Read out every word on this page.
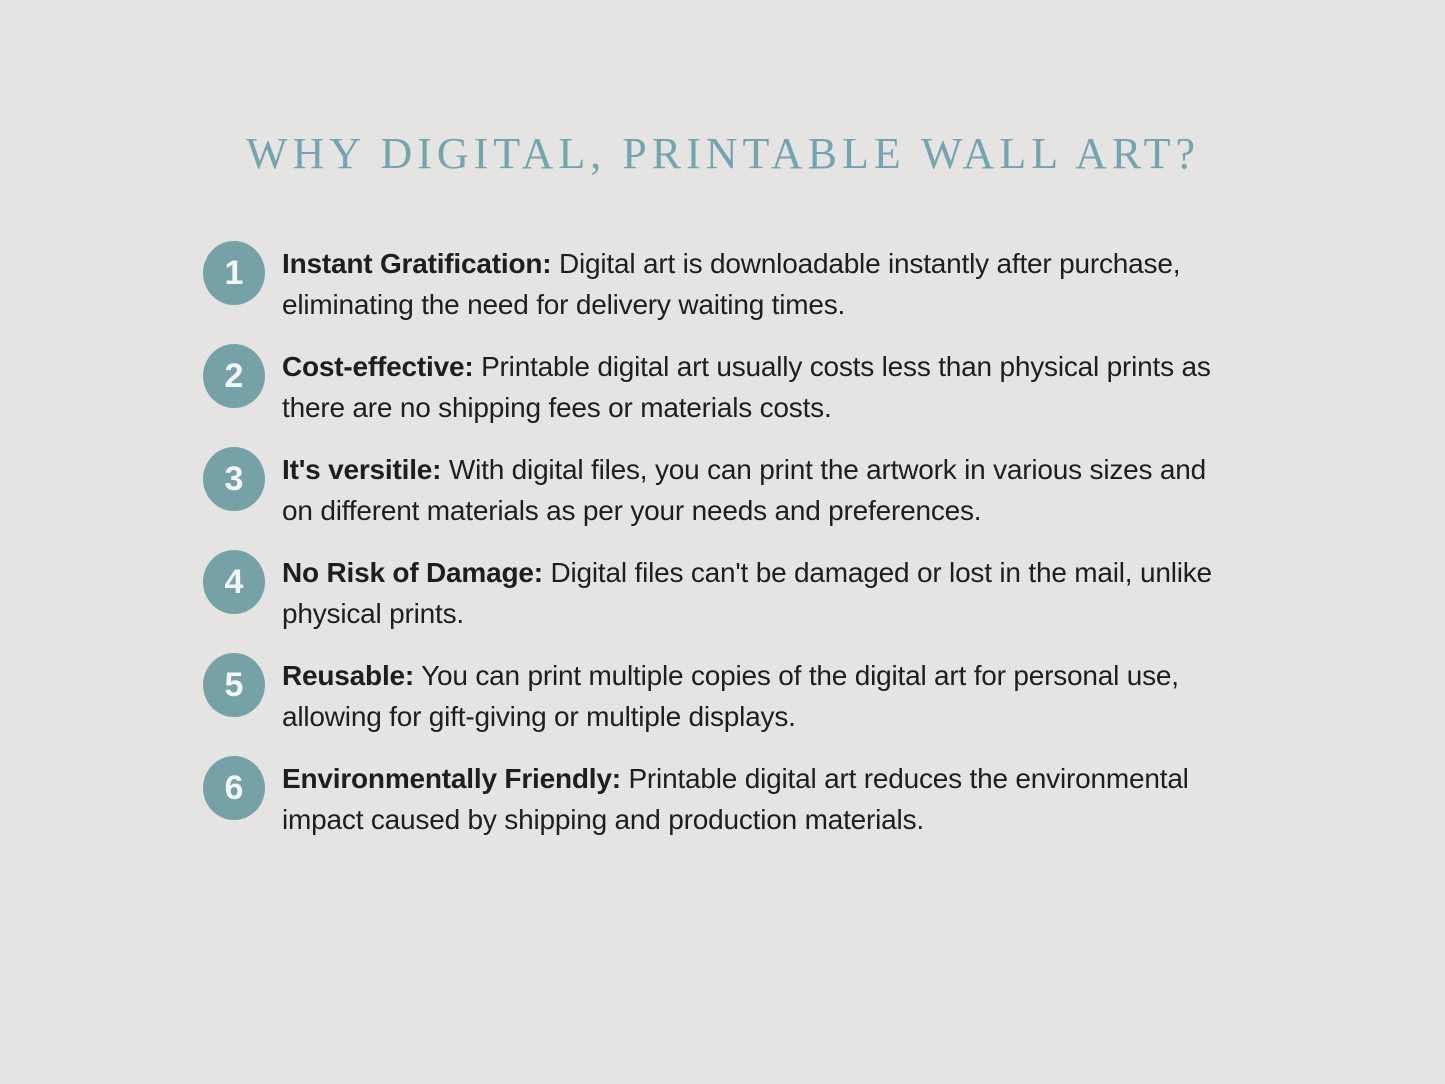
WHY DIGITAL, PRINTABLE WALL ART?
1 Instant Gratification: Digital art is downloadable instantly after purchase, eliminating the need for delivery waiting times.

2 Cost-effective: Printable digital art usually costs less than physical prints as there are no shipping fees or materials costs.

3 It's versitile: With digital files, you can print the artwork in various sizes and on different materials as per your needs and preferences.

4 No Risk of Damage: Digital files can't be damaged or lost in the mail, unlike physical prints.

5 Reusable: You can print multiple copies of the digital art for personal use, allowing for gift-giving or multiple displays.

6 Environmentally Friendly: Printable digital art reduces the environmental impact caused by shipping and production materials.
